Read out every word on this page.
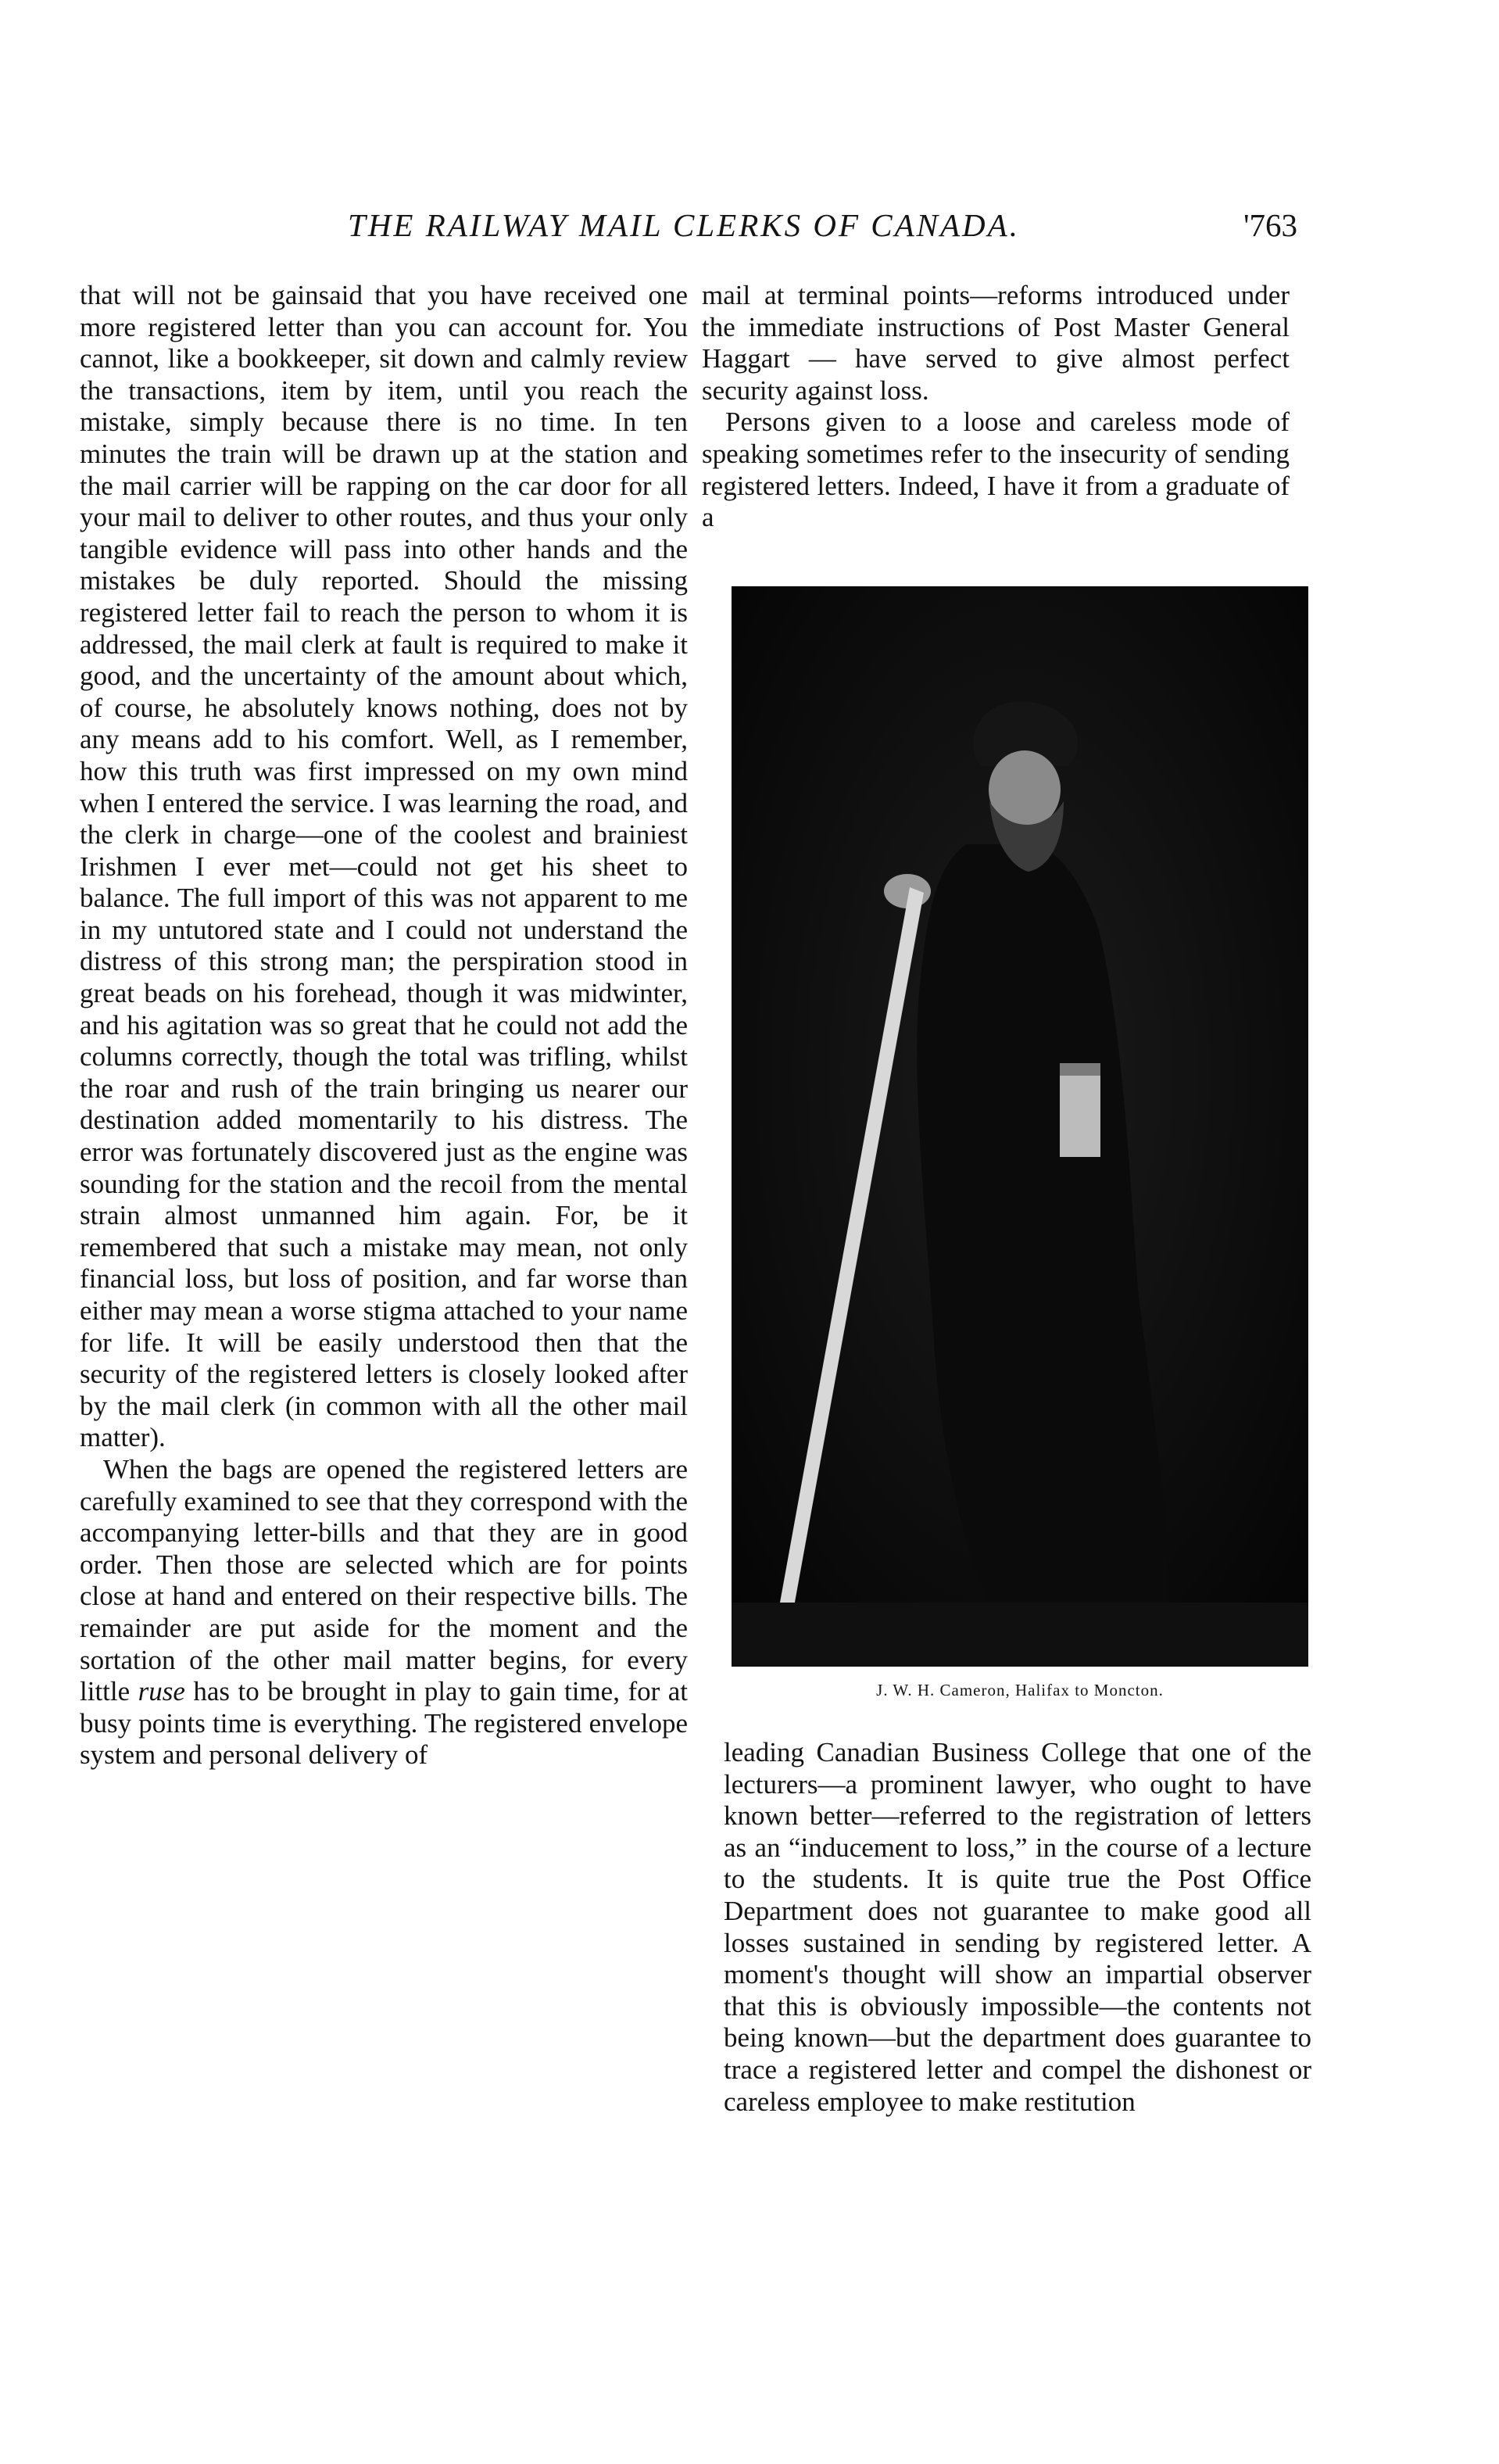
THE RAILWAY MAIL CLERKS OF CANADA.	'763

that will not be gainsaid that you have received one more registered letter than you can account for. You cannot, like a bookkeeper, sit down and calmly review the transactions, item by item, until you reach the mistake, simply because there is no time. In ten minutes the train will be drawn up at the station and the mail carrier will be rapping on the car door for all your mail to deliver to other routes, and thus your only tangible evidence will pass into other hands and the mistakes be duly reported. Should the missing registered letter fail to reach the person to whom it is addressed, the mail clerk at fault is required to make it good, and the uncertainty of the amount about which, of course, he absolutely knows nothing, does not by any means add to his comfort. Well, as I remember, how this truth was first impressed on my own mind when I entered the service. I was learning the road, and the clerk in charge—one of the coolest and brainiest Irishmen I ever met—could not get his sheet to balance. The full import of this was not apparent to me in my untutored state and I could not understand the distress of this strong man; the perspiration stood in great beads on his forehead, though it was midwinter, and his agitation was so great that he could not add the columns correctly, though the total was trifling, whilst the roar and rush of the train bringing us nearer our destination added momentarily to his distress. The error was fortunately discovered just as the engine was sounding for the station and the recoil from the mental strain almost unmanned him again. For, be it remembered that such a mistake may mean, not only financial loss, but loss of position, and far worse than either may mean a worse stigma attached to your name for life. It will be easily understood then that the security of the registered letters is closely looked after by the mail clerk (in common with all the other mail matter).

When the bags are opened the registered letters are carefully examined to see that they correspond with the accompanying letter-bills and that they are in good order. Then those are selected which are for points close at hand and entered on their respective bills. The remainder are put aside for the moment and the sortation of the other mail matter begins, for every little ruse has to be brought in play to gain time, for at busy points time is everything. The registered envelope system and personal delivery of

mail at terminal points—reforms introduced under the immediate instructions of Post Master General Haggart — have served to give almost perfect security against loss.

Persons given to a loose and careless mode of speaking sometimes refer to the insecurity of sending registered letters. Indeed, I have it from a graduate of a

J. W. H. Cameron, Halifax to Moncton.

leading Canadian Business College that one of the lecturers—a prominent lawyer, who ought to have known better—referred to the registration of letters as an “inducement to loss,” in the course of a lecture to the students. It is quite true the Post Office Department does not guarantee to make good all losses sustained in sending by registered letter. A moment's thought will show an impartial observer that this is obviously impossible—the contents not being known—but the department does guarantee to trace a registered letter and compel the dishonest or careless employee to make restitution
